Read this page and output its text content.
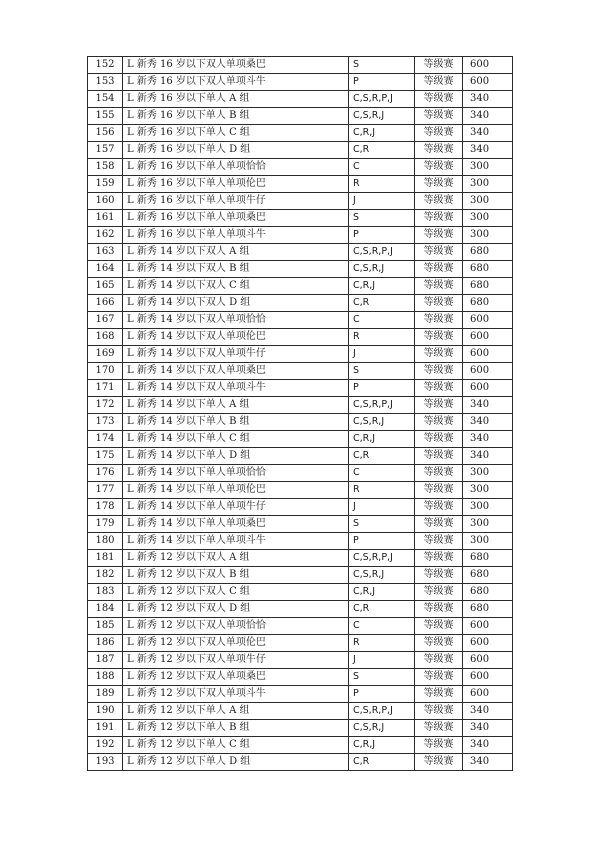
152	L 新秀 16 岁以下双人单项桑巴	S	等级赛	600
153	L 新秀 16 岁以下双人单项斗牛	P	等级赛	600
154	L 新秀 16 岁以下单人 A 组	C,S,R,P,J	等级赛	340
155	L 新秀 16 岁以下单人 B 组	C,S,R,J	等级赛	340
156	L 新秀 16 岁以下单人 C 组	C,R,J	等级赛	340
157	L 新秀 16 岁以下单人 D 组	C,R	等级赛	340
158	L 新秀 16 岁以下单人单项恰恰	C	等级赛	300
159	L 新秀 16 岁以下单人单项伦巴	R	等级赛	300
160	L 新秀 16 岁以下单人单项牛仔	J	等级赛	300
161	L 新秀 16 岁以下单人单项桑巴	S	等级赛	300
162	L 新秀 16 岁以下单人单项斗牛	P	等级赛	300
163	L 新秀 14 岁以下双人 A 组	C,S,R,P,J	等级赛	680
164	L 新秀 14 岁以下双人 B 组	C,S,R,J	等级赛	680
165	L 新秀 14 岁以下双人 C 组	C,R,J	等级赛	680
166	L 新秀 14 岁以下双人 D 组	C,R	等级赛	680
167	L 新秀 14 岁以下双人单项恰恰	C	等级赛	600
168	L 新秀 14 岁以下双人单项伦巴	R	等级赛	600
169	L 新秀 14 岁以下双人单项牛仔	J	等级赛	600
170	L 新秀 14 岁以下双人单项桑巴	S	等级赛	600
171	L 新秀 14 岁以下双人单项斗牛	P	等级赛	600
172	L 新秀 14 岁以下单人 A 组	C,S,R,P,J	等级赛	340
173	L 新秀 14 岁以下单人 B 组	C,S,R,J	等级赛	340
174	L 新秀 14 岁以下单人 C 组	C,R,J	等级赛	340
175	L 新秀 14 岁以下单人 D 组	C,R	等级赛	340
176	L 新秀 14 岁以下单人单项恰恰	C	等级赛	300
177	L 新秀 14 岁以下单人单项伦巴	R	等级赛	300
178	L 新秀 14 岁以下单人单项牛仔	J	等级赛	300
179	L 新秀 14 岁以下单人单项桑巴	S	等级赛	300
180	L 新秀 14 岁以下单人单项斗牛	P	等级赛	300
181	L 新秀 12 岁以下双人 A 组	C,S,R,P,J	等级赛	680
182	L 新秀 12 岁以下双人 B 组	C,S,R,J	等级赛	680
183	L 新秀 12 岁以下双人 C 组	C,R,J	等级赛	680
184	L 新秀 12 岁以下双人 D 组	C,R	等级赛	680
185	L 新秀 12 岁以下双人单项恰恰	C	等级赛	600
186	L 新秀 12 岁以下双人单项伦巴	R	等级赛	600
187	L 新秀 12 岁以下双人单项牛仔	J	等级赛	600
188	L 新秀 12 岁以下双人单项桑巴	S	等级赛	600
189	L 新秀 12 岁以下双人单项斗牛	P	等级赛	600
190	L 新秀 12 岁以下单人 A 组	C,S,R,P,J	等级赛	340
191	L 新秀 12 岁以下单人 B 组	C,S,R,J	等级赛	340
192	L 新秀 12 岁以下单人 C 组	C,R,J	等级赛	340
193	L 新秀 12 岁以下单人 D 组	C,R	等级赛	340
